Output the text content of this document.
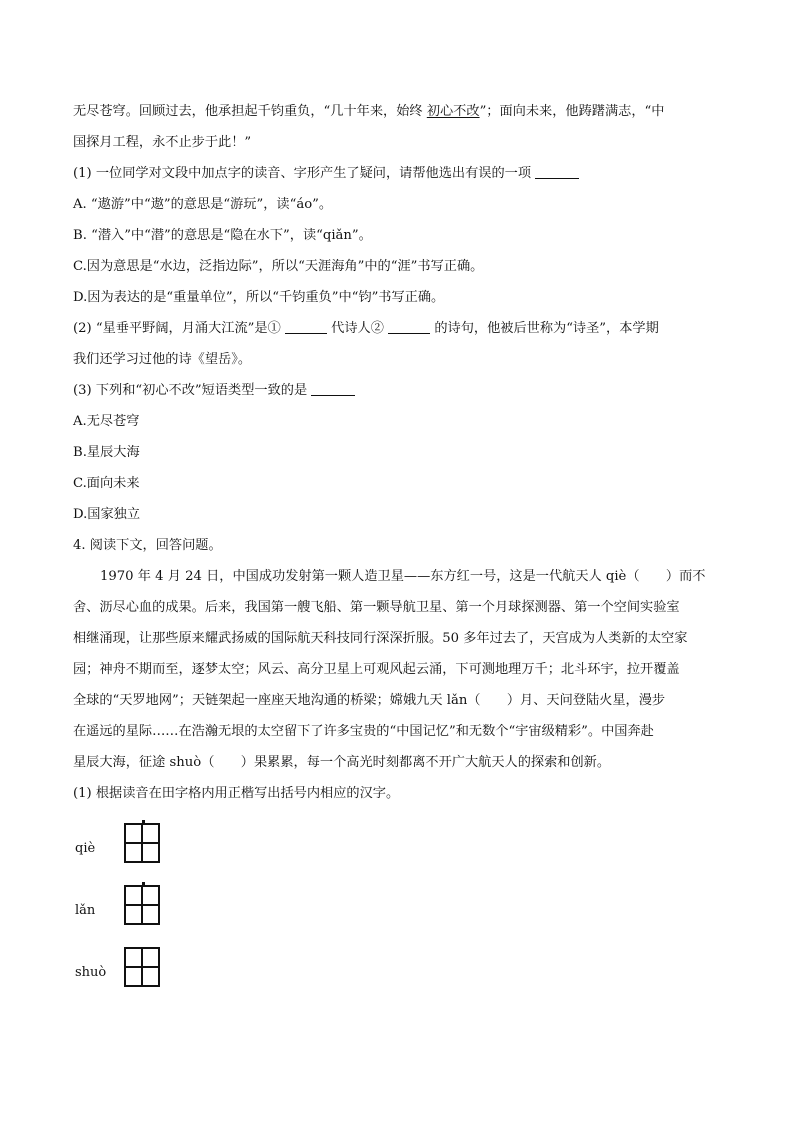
无尽苍穹。回顾过去，他承担起千钧重负，“几十年来，始终 初心不改”；面向未来，他踌躇满志，“中
国探月工程，永不止步于此！”
(1) 一位同学对文段中加点字的读音、字形产生了疑问，请帮他选出有误的一项
A. “遨游”中“遨”的意思是“游玩”，读“áo”。
B. “潜入”中“潜”的意思是“隐在水下”，读“qiǎn”。
C.因为意思是“水边，泛指边际”，所以“天涯海角”中的“涯”书写正确。
D.因为表达的是“重量单位”，所以“千钧重负”中“钧”书写正确。
(2) “星垂平野阔，月涌大江流”是①	代诗人②	的诗句，他被后世称为“诗圣”，本学期
我们还学习过他的诗《望岳》。
(3) 下列和“初心不改”短语类型一致的是
A.无尽苍穹
B.星辰大海
C.面向未来
D.国家独立
4. 阅读下文，回答问题。
1970 年 4 月 24 日，中国成功发射第一颗人造卫星——东方红一号，这是一代航天人 qiè（　　）而不
舍、沥尽心血的成果。后来，我国第一艘飞船、第一颗导航卫星、第一个月球探测器、第一个空间实验室
相继涌现，让那些原来耀武扬威的国际航天科技同行深深折服。50 多年过去了，天宫成为人类新的太空家
园；神舟不期而至，逐梦太空；风云、高分卫星上可观风起云涌，下可测地理万千；北斗环宇，拉开覆盖
全球的“天罗地网”；天链架起一座座天地沟通的桥梁；嫦娥九天 lǎn（　　）月、天问登陆火星，漫步
在遥远的星际……在浩瀚无垠的太空留下了许多宝贵的“中国记忆”和无数个“宇宙级精彩”。中国奔赴
星辰大海，征途 shuò（　　）果累累，每一个高光时刻都离不开广大航天人的探索和创新。
(1) 根据读音在田字格内用正楷写出括号内相应的汉字。
qiè
lǎn
shuò
